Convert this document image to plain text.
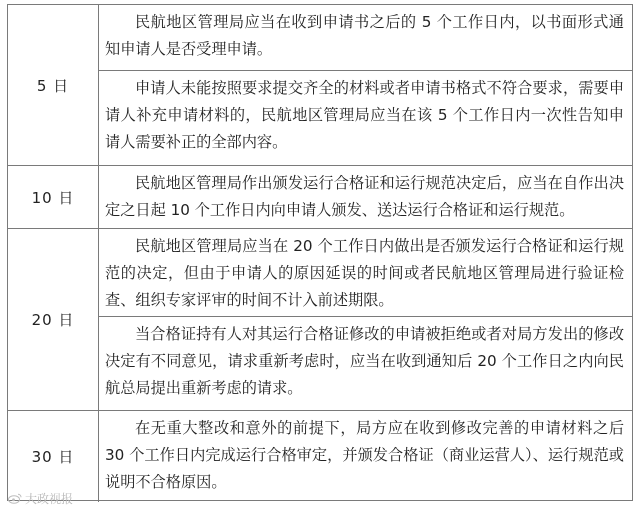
5 日
民航地区管理局应当在收到申请书之后的 5 个工作日内，以书面形式通知申请人是否受理申请。
申请人未能按照要求提交齐全的材料或者申请书格式不符合要求，需要申请人补充申请材料的，民航地区管理局应当在该 5 个工作日内一次性告知申请人需要补正的全部内容。
10 日
民航地区管理局作出颁发运行合格证和运行规范决定后，应当在自作出决定之日起 10 个工作日内向申请人颁发、送达运行合格证和运行规范。
20 日
民航地区管理局应当在 20 个工作日内做出是否颁发运行合格证和运行规范的决定，但由于申请人的原因延误的时间或者民航地区管理局进行验证检查、组织专家评审的时间不计入前述期限。
当合格证持有人对其运行合格证修改的申请被拒绝或者对局方发出的修改决定有不同意见，请求重新考虑时，应当在收到通知后 20 个工作日之内向民航总局提出重新考虑的请求。
30 日
在无重大整改和意外的前提下，局方应在收到修改完善的申请材料之后 30 个工作日内完成运行合格审定，并颁发合格证（商业运营人）、运行规范或说明不合格原因。
大政视报
